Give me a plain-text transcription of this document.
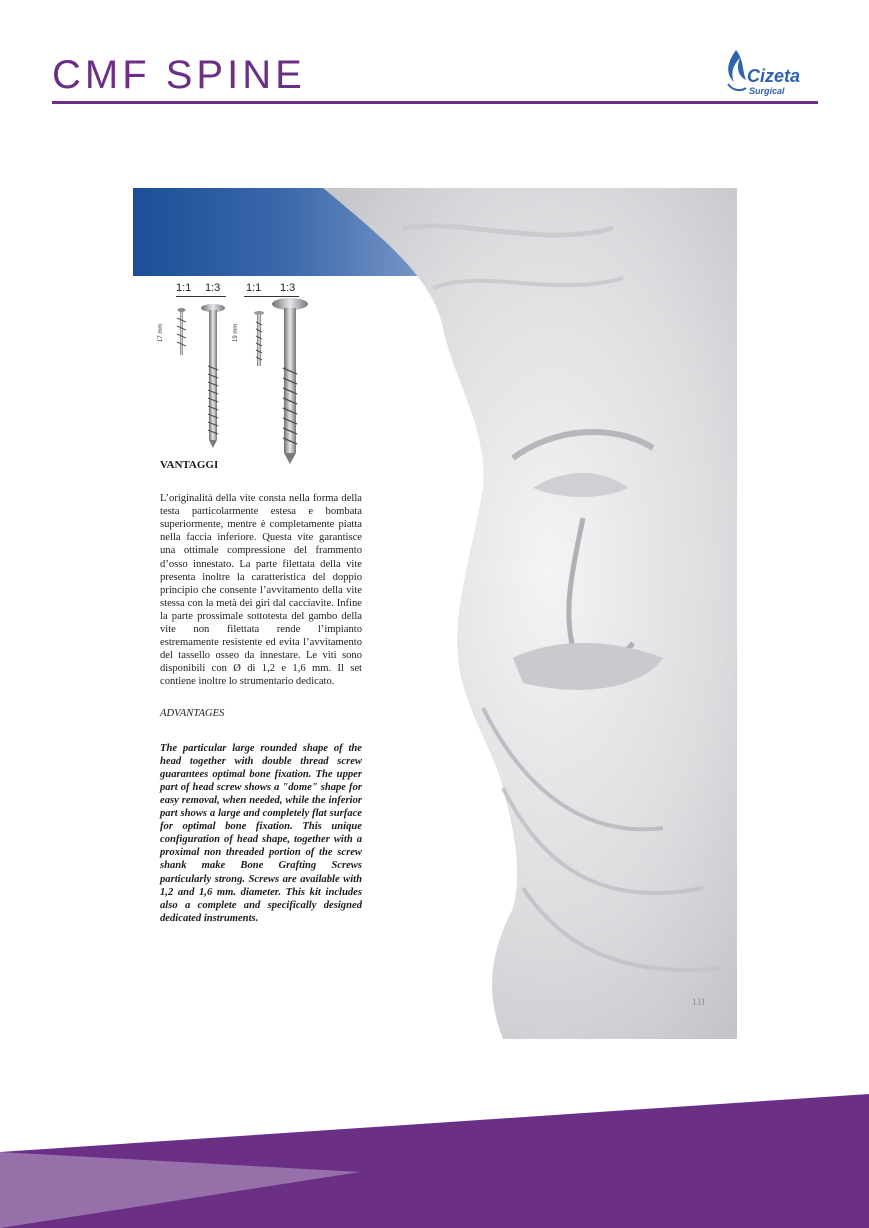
CMF SPINE	Cizeta
Surgical
1:1 1:3 1:1 1:3
17 mm	19 mm
VANTAGGI

L’originalità della vite consta nella forma della testa particolarmente estesa e bombata superiormente, mentre è completamente piatta nella faccia inferiore. Questa vite garantisce una ottimale compressione del frammento d’osso innestato. La parte filettata della vite presenta inoltre la caratteristica del doppio principio che consente l’avvitamento della vite stessa con la metà dei giri dal cacciavite. Infine la parte prossimale sottotesta del gambo della vite non filettata rende l’impianto estremamente resistente ed evita l’avvitamento del tassello osseo da innestare. Le viti sono disponibili con Ø di 1,2 e 1,6 mm. Il set contiene inoltre lo strumentario dedicato.

ADVANTAGES

The particular large rounded shape of the head together with double thread screw guarantees optimal bone fixation. The upper part of head screw shows a "dome" shape for easy removal, when needed, while the inferior part shows a large and completely flat surface for optimal bone fixation. This unique configuration of head shape, together with a proximal non threaded portion of the screw shank make Bone Grafting Screws particularly strong. Screws are available with 1,2 and 1,6 mm. diameter. This kit includes also a complete and specifically designed dedicated instruments.

131
